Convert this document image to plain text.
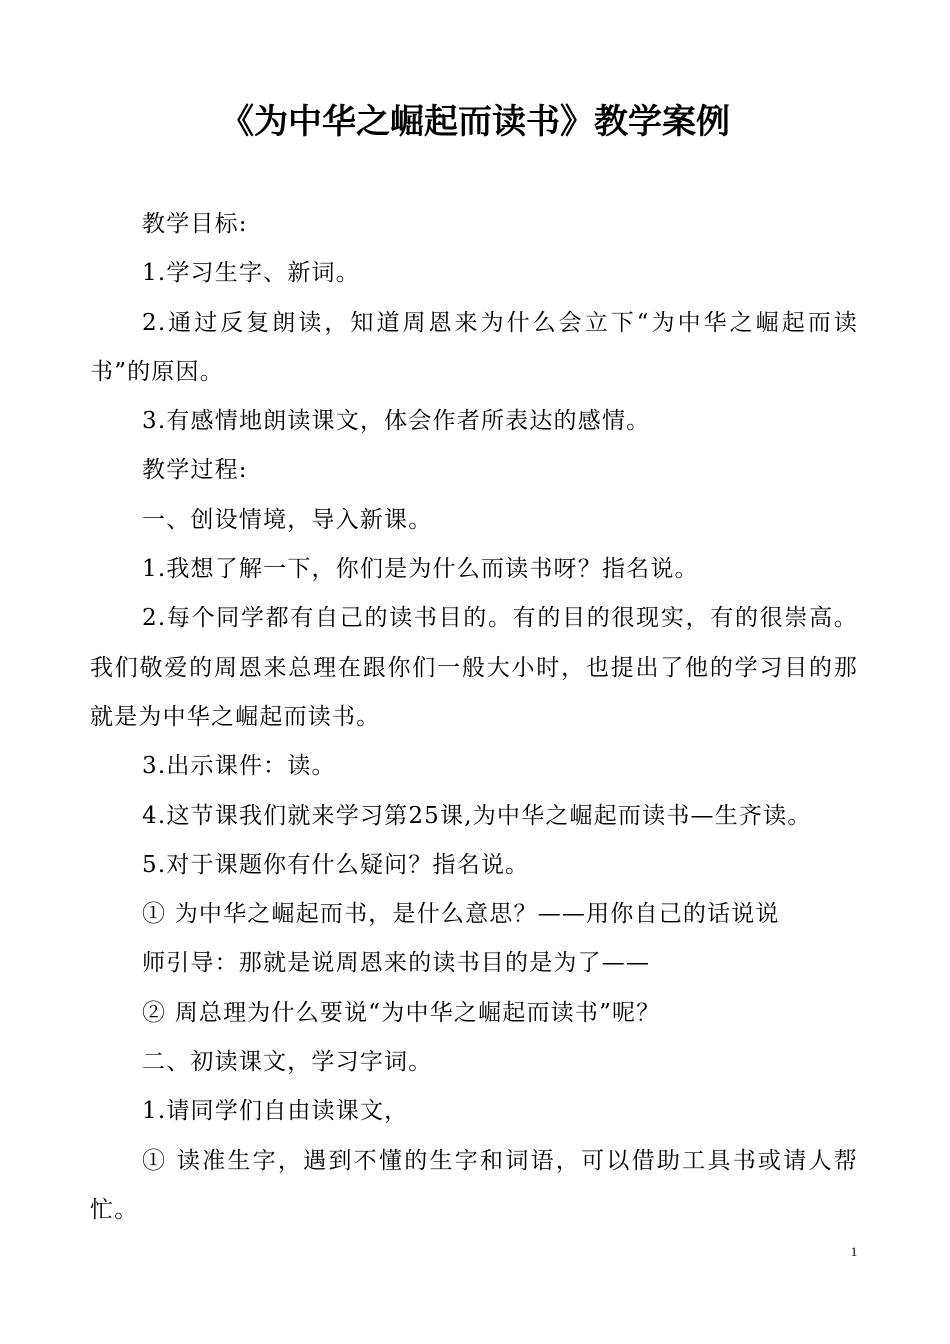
《为中华之崛起而读书》教学案例

教学目标:

1.学习生字、新词。

2.通过反复朗读，知道周恩来为什么会立下“为中华之崛起而读书”的原因。

3.有感情地朗读课文，体会作者所表达的感情。

教学过程:

一、创设情境，导入新课。

1.我想了解一下，你们是为什么而读书呀？指名说。

2.每个同学都有自己的读书目的。有的目的很现实，有的很崇高。我们敬爱的周恩来总理在跟你们一般大小时，也提出了他的学习目的那就是为中华之崛起而读书。

3.出示课件：读。

4.这节课我们就来学习第25课,为中华之崛起而读书—生齐读。

5.对于课题你有什么疑问？指名说。

① 为中华之崛起而书，是什么意思？——用你自己的话说说

师引导：那就是说周恩来的读书目的是为了——

② 周总理为什么要说“为中华之崛起而读书”呢？

二、初读课文，学习字词。

1.请同学们自由读课文，

① 读准生字，遇到不懂的生字和词语，可以借助工具书或请人帮忙。

1
